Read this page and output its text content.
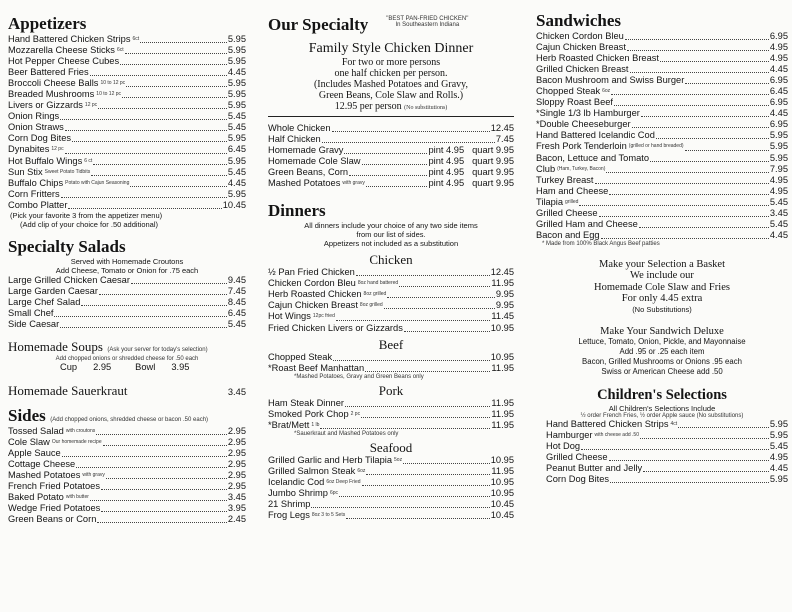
Appetizers
Hand Battered Chicken Strips 6ct	5.95
Mozzarella Cheese Sticks 6ct	5.95
Hot Pepper Cheese Cubes	5.95
Beer Battered Fries	4.45
Broccoli Cheese Balls 10 to 12 pc	5.95
Breaded Mushrooms 10 to 12 pc	5.95
Livers or Gizzards 12 pc	5.95
Onion Rings	5.45
Onion Straws	5.45
Corn Dog Bites	5.95
Dynabites 12 pc	6.45
Hot Buffalo Wings 6 ct	5.95
Sun Stix Sweet Potato Tidbits	5.45
Buffalo Chips Potato with Cajun Seasoning	4.45
Corn Fritters	5.95
Combo Platter	10.45
(Pick your favorite 3 from the appetizer menu)
(Add clip of your choice for .50 additional)
Specialty Salads
Served with Homemade Croutons
Add Cheese, Tomato or Onion for .75 each
Large Grilled Chicken Caesar	9.45
Large Garden Caesar	7.45
Large Chef Salad	8.45
Small Chef	6.45
Side Caesar	5.45
Homemade Soups (Ask your server for today's selection)
Add chopped onions or shredded cheese for .50 each
Cup 2.95	Bowl 3.95
Homemade Sauerkraut	3.45
Sides (Add chopped onions, shredded cheese or bacon .50 each)
Tossed Salad with croutons	2.95
Cole Slaw Our homemade recipe	2.95
Apple Sauce	2.95
Cottage Cheese	2.95
Mashed Potatoes with gravy	2.95
French Fried Potatoes	2.95
Baked Potato with butter	3.45
Wedge Fried Potatoes	3.95
Green Beans or Corn	2.45
Our Specialty	"BEST PAN-FRIED CHICKEN"
In Southeastern Indiana
Family Style Chicken Dinner
For two or more persons
one half chicken per person.
(Includes Mashed Potatoes and Gravy,
Green Beans, Cole Slaw and Rolls.)
12.95 per person (No substitutions)
Whole Chicken	12.45
Half Chicken	7.45
Homemade Gravy	pint 4.95 quart 9.95
Homemade Cole Slaw	pint 4.95 quart 9.95
Green Beans, Corn	pint 4.95 quart 9.95
Mashed Potatoes with gravy	pint 4.95 quart 9.95
Dinners
All dinners include your choice of any two side items
from our list of sides.
Appetizers not included as a substitution
Chicken
½ Pan Fried Chicken	12.45
Chicken Cordon Bleu 8oz hand battered	11.95
Herb Roasted Chicken 8oz grilled	9.95
Cajun Chicken Breast 8oz grilled	9.95
Hot Wings 12pc fried	11.45
Fried Chicken Livers or Gizzards	10.95
Beef
Chopped Steak	10.95
*Roast Beef Manhattan	11.95
*Mashed Potatoes, Gravy and Green Beans only
Pork
Ham Steak Dinner	11.95
Smoked Pork Chop 2 pc	11.95
*Brat/Mett 1 lb	11.95
*Sauerkraut and Mashed Potatoes only
Seafood
Grilled Garlic and Herb Tilapia 5oz	10.95
Grilled Salmon Steak 6oz	11.95
Icelandic Cod 6oz Deep Fried	10.95
Jumbo Shrimp 6pc	10.95
21 Shrimp	10.45
Frog Legs 8oz 3 to 5 Sets	10.45
Sandwiches
Chicken Cordon Bleu	6.95
Cajun Chicken Breast	4.95
Herb Roasted Chicken Breast	4.95
Grilled Chicken Breast	4.45
Bacon Mushroom and Swiss Burger	6.95
Chopped Steak 6oz	6.45
Sloppy Roast Beef	6.95
*Single 1/3 lb Hamburger	4.45
*Double Cheeseburger	6.95
Hand Battered Icelandic Cod	5.95
Fresh Pork Tenderloin (grilled or hand breaded)	5.95
Bacon, Lettuce and Tomato	5.95
Club (Ham, Turkey, Bacon)	7.95
Turkey Breast	4.95
Ham and Cheese	4.95
Tilapia grilled	5.45
Grilled Cheese	3.45
Grilled Ham and Cheese	5.45
Bacon and Egg	4.45
* Made from 100% Black Angus Beef patties
Make your Selection a Basket
We include our
Homemade Cole Slaw and Fries
For only 4.45 extra
(No Substitutions)
Make Your Sandwich Deluxe
Lettuce, Tomato, Onion, Pickle, and Mayonnaise
Add .95 or .25 each item
Bacon, Grilled Mushrooms or Onions .95 each
Swiss or American Cheese add .50
Children's Selections
All Children's Selections Include
½ order French Fries, ½ order Apple sauce (No substitutions)
Hand Battered Chicken Strips 4ct	5.95
Hamburger with cheese add .50	5.95
Hot Dog	5.45
Grilled Cheese	4.95
Peanut Butter and Jelly	4.45
Corn Dog Bites	5.95
